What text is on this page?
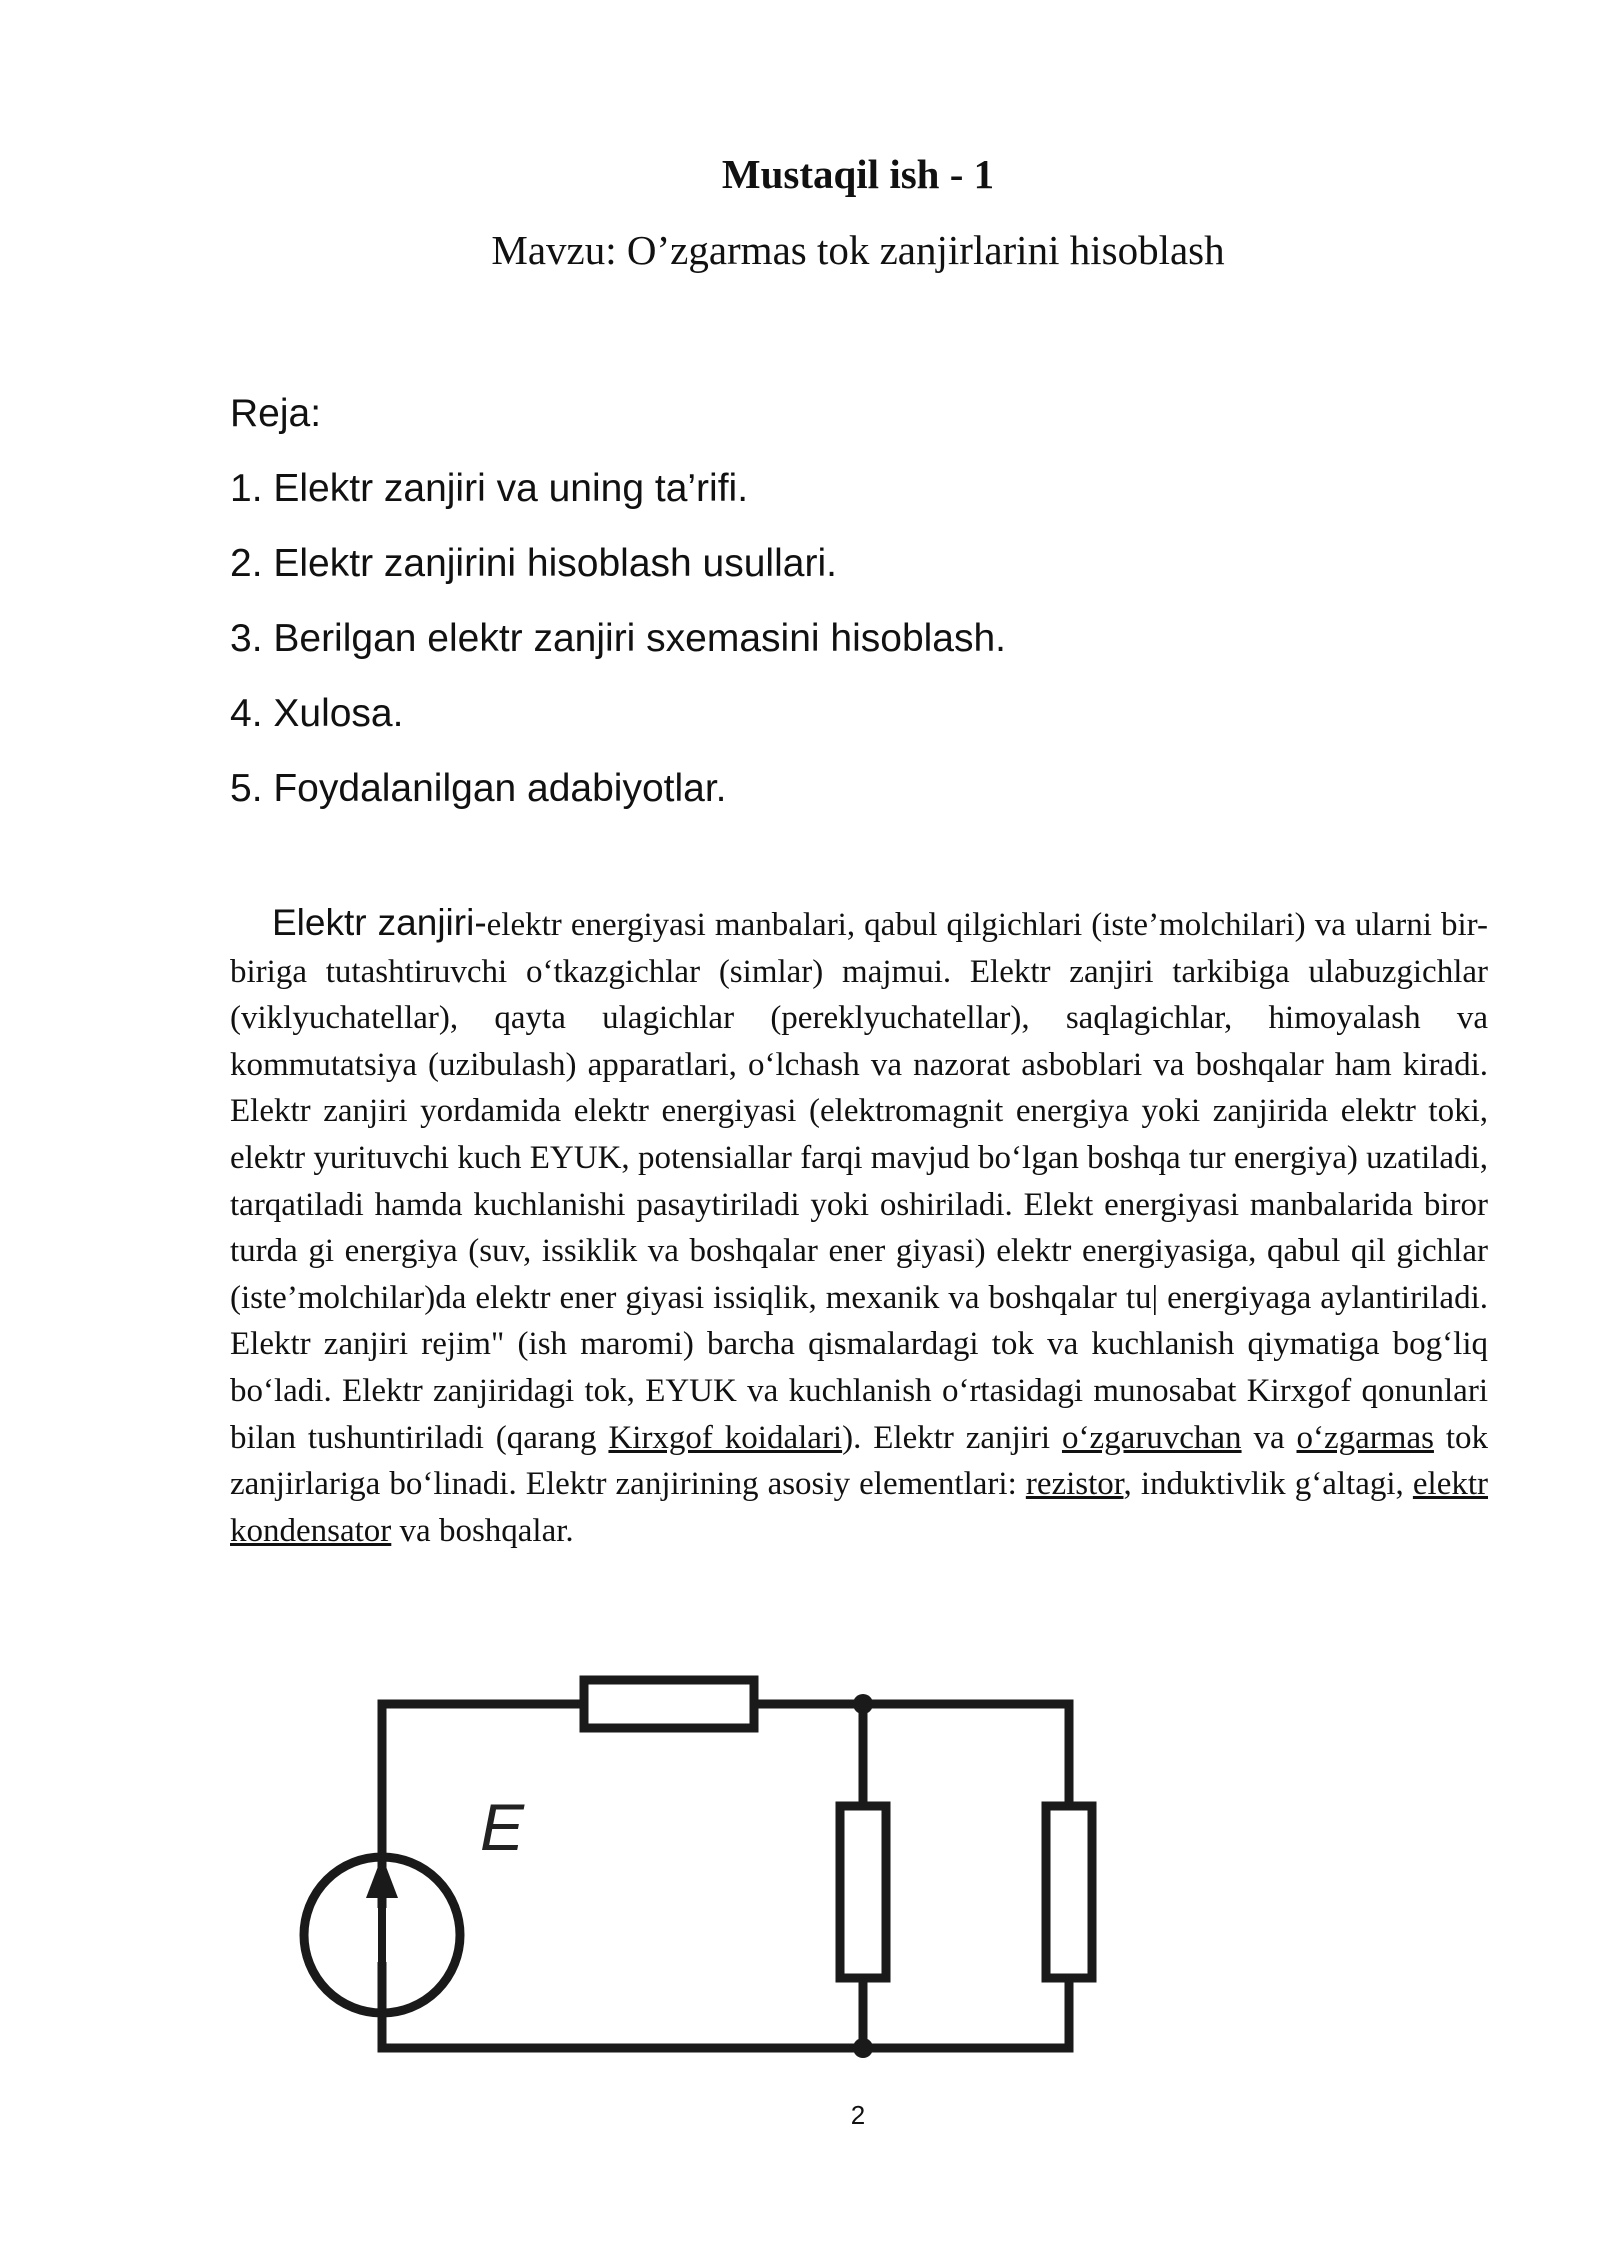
Mustaqil ish - 1

Mavzu: O’zgarmas tok zanjirlarini hisoblash

Reja:
1. Elektr zanjiri va uning ta’rifi.
2. Elektr zanjirini hisoblash usullari.
3. Berilgan elektr zanjiri sxemasini hisoblash.
4. Xulosa.
5. Foydalanilgan adabiyotlar.

Elektr zanjiri-elektr energiyasi manbalari, qabul qilgichlari (iste’molchilari) va ularni bir-biriga tutashtiruvchi o‘tkazgichlar (simlar) majmui. Elektr zanjiri tarkibiga ulabuzgichlar (viklyuchatellar), qayta ulagichlar (pereklyuchatellar), saqlagichlar, himoyalash va kommutatsiya (uzibulash) apparatlari, o‘lchash va nazorat asboblari va boshqalar ham kiradi. Elektr zanjiri yordamida elektr energiyasi (elektromagnit energiya yoki zanjirida elektr toki, elektr yurituvchi kuch EYUK, potensiallar farqi mavjud bo‘lgan boshqa tur energiya) uzatiladi, tarqatiladi hamda kuchlanishi pasaytiriladi yoki oshiriladi. Elekt energiyasi manbalarida biror turda gi energiya (suv, issiklik va boshqalar ener giyasi) elektr energiyasiga, qabul qil gichlar (iste’molchilar)da elektr ener giyasi issiqlik, mexanik va boshqalar tu| energiyaga aylantiriladi. Elektr zanjiri rejim" (ish maromi) barcha qismalardagi tok va kuchlanish qiymatiga bog‘liq bo‘ladi. Elektr zanjiridagi tok, EYUK va kuchlanish o‘rtasidagi munosabat Kirxgof qonunlari bilan tushuntiriladi (qarang Kirxgof koidalari). Elektr zanjiri o‘zgaruvchan va o‘zgarmas tok zanjirlariga bo‘linadi. Elektr zanjirining asosiy elementlari: rezistor, induktivlik g‘altagi, elektr kondensator va boshqalar.

E
2
